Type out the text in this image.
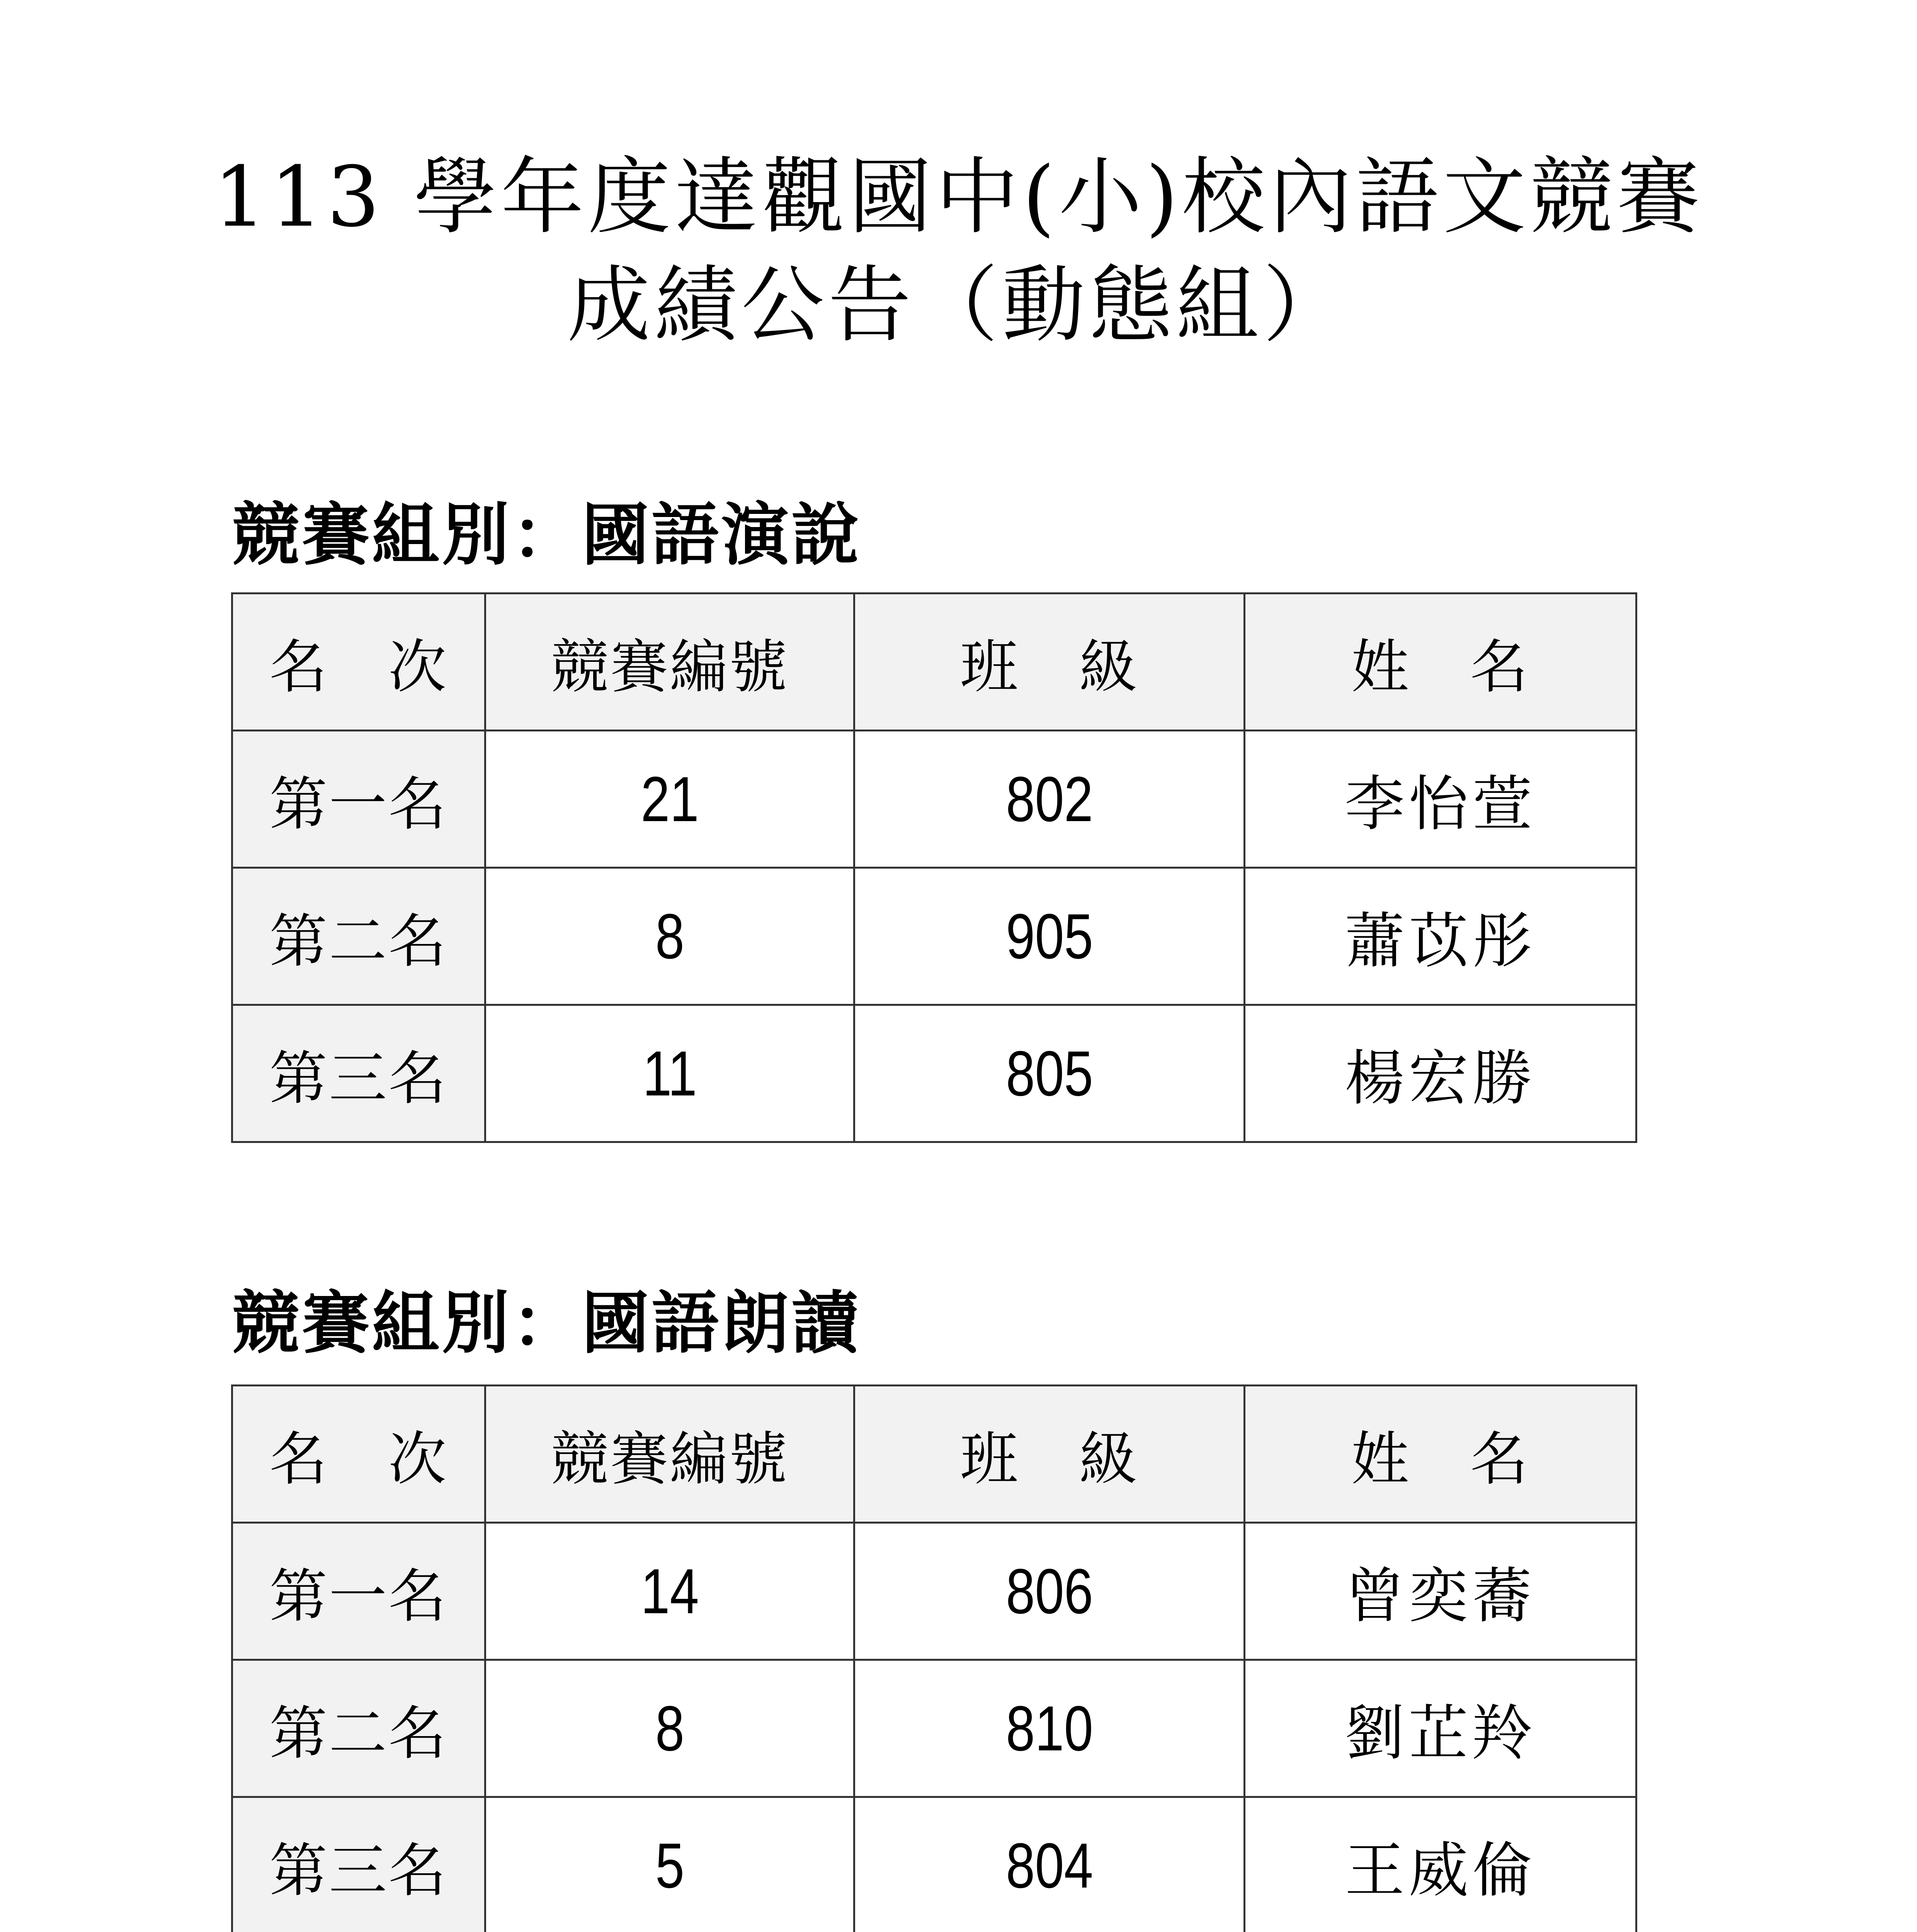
113 學年度達觀國中(小)校內語文競賽
成績公告（動態組）
競賽組別：國語演說
名　次	競賽編號	班　級	姓　名
第一名	21	802	李怡萱
第二名	8	905	蕭苡彤
第三名	11	805	楊宏勝
競賽組別：國語朗讀
名　次	競賽編號	班　級	姓　名
第一名	14	806	曾奕蕎
第二名	8	810	劉芷羚
第三名	5	804	王威倫
